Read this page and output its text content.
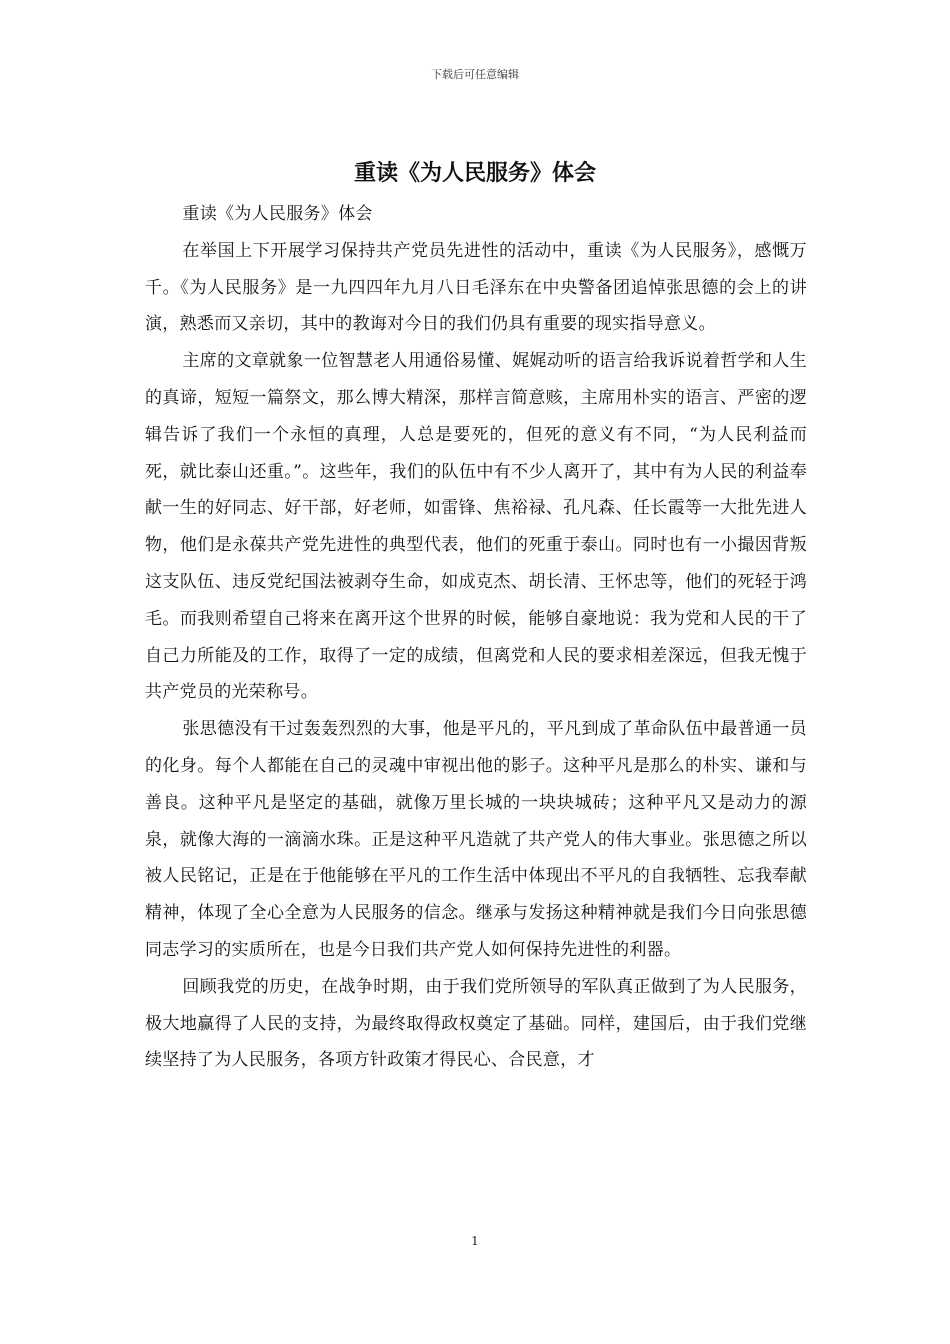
下载后可任意编辑
重读《为人民服务》体会

重读《为人民服务》体会

在举国上下开展学习保持共产党员先进性的活动中，重读《为人民服务》，感慨万千。《为人民服务》是一九四四年九月八日毛泽东在中央警备团追悼张思德的会上的讲演，熟悉而又亲切，其中的教诲对今日的我们仍具有重要的现实指导意义。

主席的文章就象一位智慧老人用通俗易懂、娓娓动听的语言给我诉说着哲学和人生的真谛，短短一篇祭文，那么博大精深，那样言简意赅，主席用朴实的语言、严密的逻辑告诉了我们一个永恒的真理，人总是要死的，但死的意义有不同，“为人民利益而死，就比泰山还重。”。这些年，我们的队伍中有不少人离开了，其中有为人民的利益奉献一生的好同志、好干部，好老师，如雷锋、焦裕禄、孔凡森、任长霞等一大批先进人物，他们是永葆共产党先进性的典型代表，他们的死重于泰山。同时也有一小撮因背叛这支队伍、违反党纪国法被剥夺生命，如成克杰、胡长清、王怀忠等，他们的死轻于鸿毛。而我则希望自己将来在离开这个世界的时候，能够自豪地说：我为党和人民的干了自己力所能及的工作，取得了一定的成绩，但离党和人民的要求相差深远，但我无愧于共产党员的光荣称号。

张思德没有干过轰轰烈烈的大事，他是平凡的，平凡到成了革命队伍中最普通一员的化身。每个人都能在自己的灵魂中审视出他的影子。这种平凡是那么的朴实、谦和与善良。这种平凡是坚定的基础，就像万里长城的一块块城砖；这种平凡又是动力的源泉，就像大海的一滴滴水珠。正是这种平凡造就了共产党人的伟大事业。张思德之所以被人民铭记，正是在于他能够在平凡的工作生活中体现出不平凡的自我牺牲、忘我奉献精神，体现了全心全意为人民服务的信念。继承与发扬这种精神就是我们今日向张思德同志学习的实质所在，也是今日我们共产党人如何保持先进性的利器。

回顾我党的历史，在战争时期，由于我们党所领导的军队真正做到了为人民服务，极大地赢得了人民的支持，为最终取得政权奠定了基础。同样，建国后，由于我们党继续坚持了为人民服务，各项方针政策才得民心、合民意，才

1
